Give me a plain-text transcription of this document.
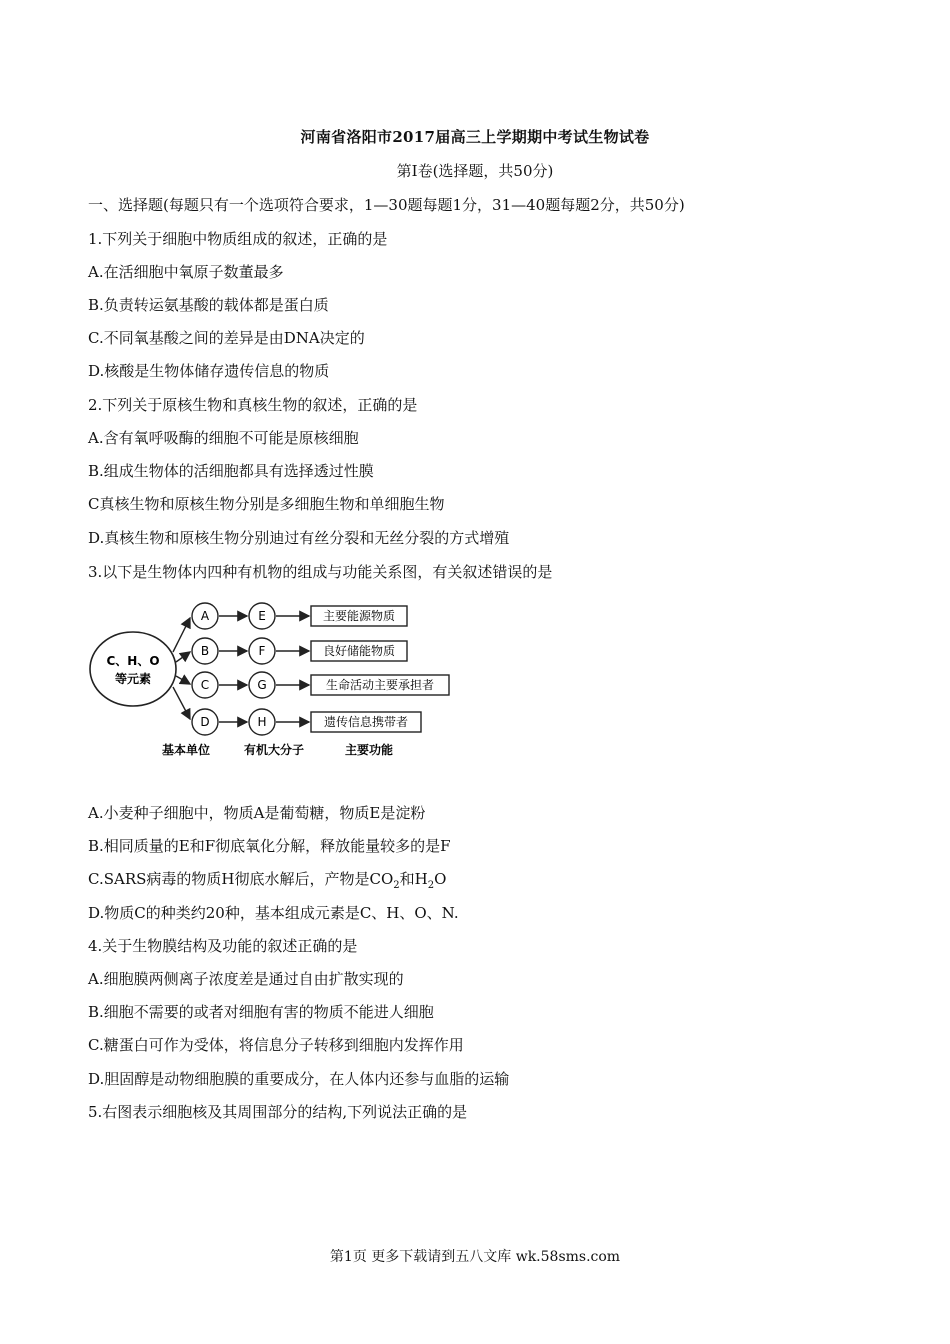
河南省洛阳市2017届高三上学期期中考试生物试卷
第Ⅰ卷(选择题，共50分)
一、选择题(每题只有一个选项符合要求，1—30题每题1分，31—40题每题2分，共50分)
1.下列关于细胞中物质组成的叙述，正确的是
A.在活细胞中氧原子数董最多
B.负责转运氨基酸的载体都是蛋白质
C.不同氧基酸之间的差异是由DNA决定的
D.核酸是生物体储存遗传信息的物质
2.下列关于原核生物和真核生物的叙述，正确的是
A.含有氧呼吸酶的细胞不可能是原核细胞
B.组成生物体的活细胞都具有选择透过性膜
C真核生物和原核生物分别是多细胞生物和单细胞生物
D.真核生物和原核生物分别迪过有丝分裂和无丝分裂的方式增殖
3.以下是生物体内四种有机物的组成与功能关系图，有关叙述错误的是
C、H、O
等元素
A	E	主要能源物质
B	F	良好储能物质
C	G	生命活动主要承担者
D	H	遗传信息携带者
基本单位	有机大分子	主要功能
A.小麦种子细胞中，物质A是葡萄糖，物质E是淀粉
B.相同质量的E和F彻底氧化分解，释放能量较多的是F
C.SARS病毒的物质H彻底水解后，产物是$CO_2$和$H_2O$
D.物质C的种类约20种，基本组成元素是C、H、O、N.
4.关于生物膜结构及功能的叙述正确的是
A.细胞膜两侧离子浓度差是通过自由扩散实现的
B.细胞不需要的或者对细胞有害的物质不能进人细胞
C.糖蛋白可作为受体，将信息分子转移到细胞内发挥作用
D.胆固醇是动物细胞膜的重要成分，在人体内还参与血脂的运输
5.右图表示细胞核及其周围部分的结构,下列说法正确的是
第1页 更多下载请到五八文库 wk.58sms.com
